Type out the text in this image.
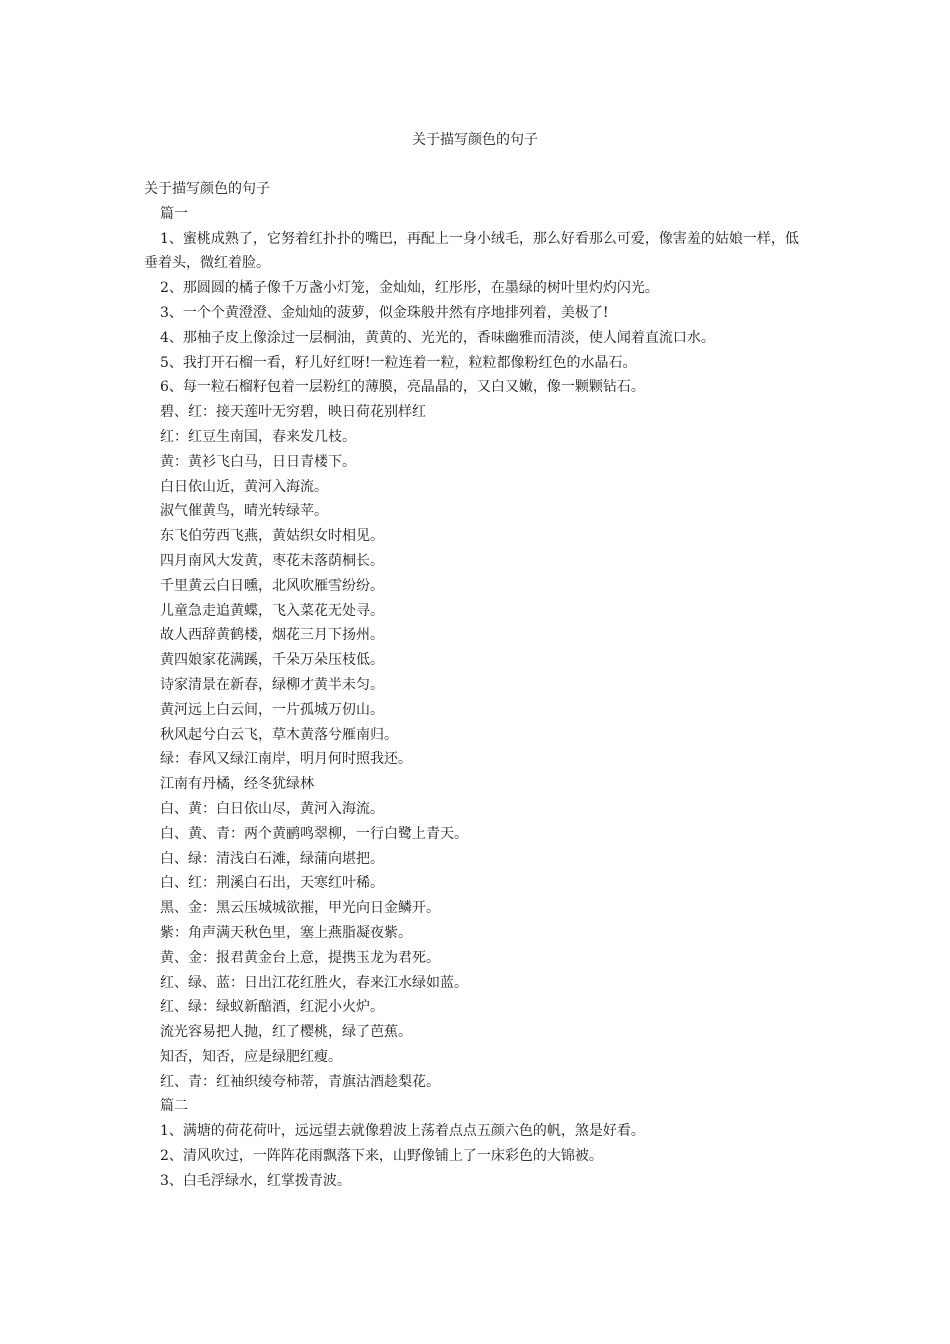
关于描写颜色的句子

关于描写颜色的句子

篇一

1、蜜桃成熟了，它努着红扑扑的嘴巴，再配上一身小绒毛，那么好看那么可爱，像害羞的姑娘一样，低垂着头，微红着脸。

2、那圆圆的橘子像千万盏小灯笼，金灿灿，红彤彤，在墨绿的树叶里灼灼闪光。

3、一个个黄澄澄、金灿灿的菠萝，似金珠般井然有序地排列着，美极了!

4、那柚子皮上像涂过一层桐油，黄黄的、光光的，香味幽雅而清淡，使人闻着直流口水。

5、我打开石榴一看，籽儿好红呀!一粒连着一粒，粒粒都像粉红色的水晶石。

6、每一粒石榴籽包着一层粉红的薄膜，亮晶晶的，又白又嫩，像一颗颗钻石。

碧、红：接天莲叶无穷碧，映日荷花别样红

红：红豆生南国，春来发几枝。

黄：黄衫飞白马，日日青楼下。

白日依山近，黄河入海流。

淑气催黄鸟，晴光转绿苹。

东飞伯劳西飞燕，黄姑织女时相见。

四月南风大发黄，枣花未落荫桐长。

千里黄云白日曛，北风吹雁雪纷纷。

儿童急走追黄蝶，飞入菜花无处寻。

故人西辞黄鹤楼，烟花三月下扬州。

黄四娘家花满蹊，千朵万朵压枝低。

诗家清景在新春，绿柳才黄半未匀。

黄河远上白云间，一片孤城万仞山。

秋风起兮白云飞，草木黄落兮雁南归。

绿：春风又绿江南岸，明月何时照我还。

江南有丹橘，经冬犹绿林

白、黄：白日依山尽，黄河入海流。

白、黄、青：两个黄鹂鸣翠柳，一行白鹭上青天。

白、绿：清浅白石滩，绿蒲向堪把。

白、红：荆溪白石出，天寒红叶稀。

黑、金：黑云压城城欲摧，甲光向日金鳞开。

紫：角声满天秋色里，塞上燕脂凝夜紫。

黄、金：报君黄金台上意，提携玉龙为君死。

红、绿、蓝：日出江花红胜火，春来江水绿如蓝。

红、绿：绿蚁新醅酒，红泥小火炉。

流光容易把人抛，红了樱桃，绿了芭蕉。

知否，知否，应是绿肥红瘦。

红、青：红袖织绫夸柿蒂，青旗沽酒趁梨花。

篇二

1、满塘的荷花荷叶，远远望去就像碧波上荡着点点五颜六色的帆，煞是好看。

2、清风吹过，一阵阵花雨飘落下来，山野像铺上了一床彩色的大锦被。

3、白毛浮绿水，红掌拨青波。
